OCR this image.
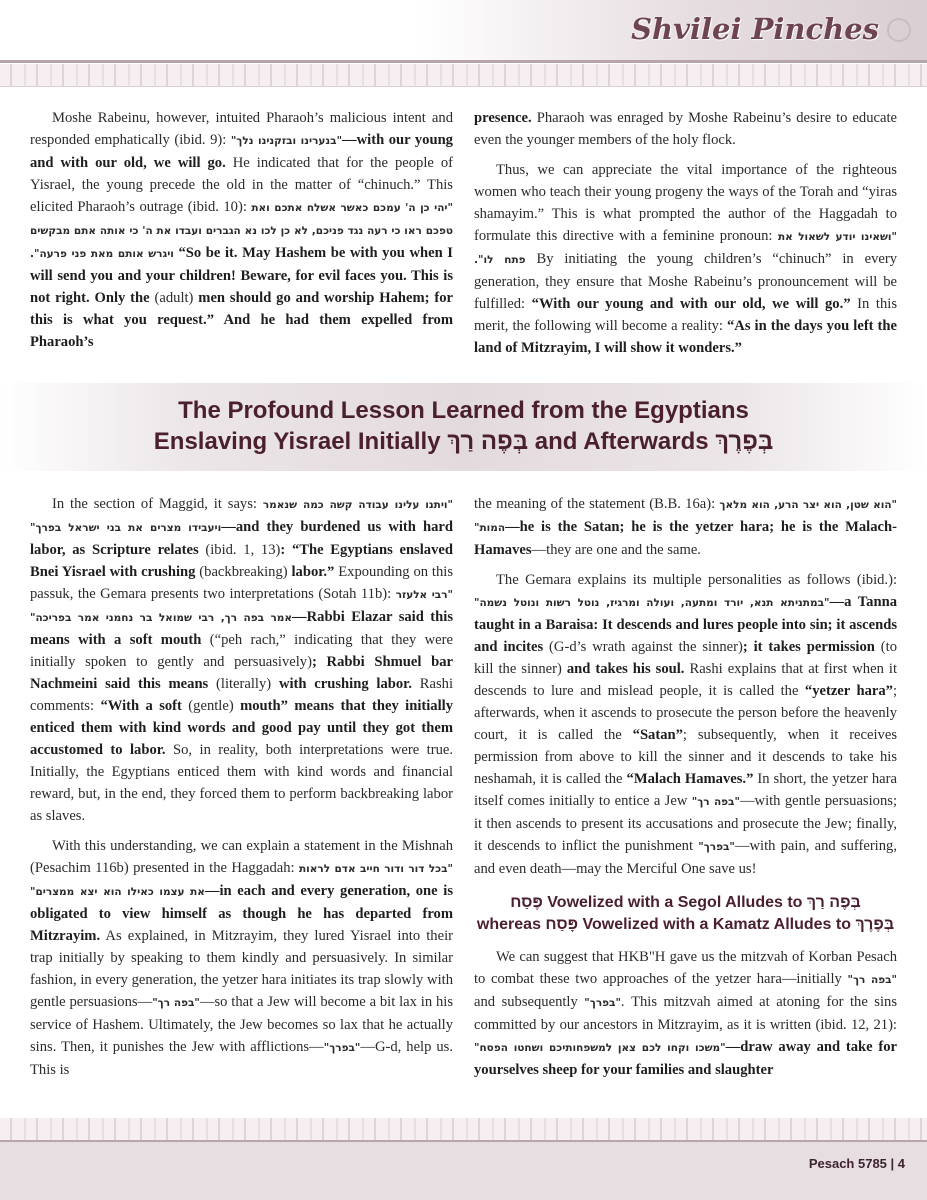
Shvilei Pinches

Moshe Rabeinu, however, intuited Pharaoh’s malicious intent and responded emphatically (ibid. 9): "בנערינו ובזקנינו נלך"—with our young and with our old, we will go. He indicated that for the people of Yisrael, the young precede the old in the matter of “chinuch.” This elicited Pharaoh’s outrage (ibid. 10): "יהי כן ה' עמכם כאשר אשלח אתכם ואת טפכם ראו כי רעה נגד פניכם, לא כן לכו נא הגברים ועבדו את ה' כי אותה אתם מבקשים ויגרש אותם מאת פני פרעה". “So be it. May Hashem be with you when I will send you and your children! Beware, for evil faces you. This is not right. Only the (adult) men should go and worship Hahem; for this is what you request.” And he had them expelled from Pharaoh’s

presence. Pharaoh was enraged by Moshe Rabeinu’s desire to educate even the younger members of the holy flock.

Thus, we can appreciate the vital importance of the righteous women who teach their young progeny the ways of the Torah and “yiras shamayim.” This is what prompted the author of the Haggadah to formulate this directive with a feminine pronoun: "ושאינו יודע לשאול את פתח לו". By initiating the young children’s “chinuch” in every generation, they ensure that Moshe Rabeinu’s pronouncement will be fulfilled: “With our young and with our old, we will go.” In this merit, the following will become a reality: “As in the days you left the land of Mitzrayim, I will show it wonders.”

The Profound Lesson Learned from the Egyptians
Enslaving Yisrael Initially בְּפֶה רַךְ and Afterwards בְּפֶרֶךְ

In the section of Maggid, it says: "ויתנו עלינו עבודה קשה כמה שנאמר ויעבידו מצרים את בני ישראל בפרך"—and they burdened us with hard labor, as Scripture relates (ibid. 1, 13): “The Egyptians enslaved Bnei Yisrael with crushing (backbreaking) labor.” Expounding on this passuk, the Gemara presents two interpretations (Sotah 11b): "רבי אלעזר אמר בפה רך, רבי שמואל בר נחמני אמר בפריכה"—Rabbi Elazar said this means with a soft mouth (“peh rach,” indicating that they were initially spoken to gently and persuasively); Rabbi Shmuel bar Nachmeini said this means (literally) with crushing labor. Rashi comments: “With a soft (gentle) mouth” means that they initially enticed them with kind words and good pay until they got them accustomed to labor. So, in reality, both interpretations were true. Initially, the Egyptians enticed them with kind words and financial reward, but, in the end, they forced them to perform backbreaking labor as slaves.

With this understanding, we can explain a statement in the Mishnah (Pesachim 116b) presented in the Haggadah: "בכל דור ודור חייב אדם לראות את עצמו כאילו הוא יצא ממצרים"—in each and every generation, one is obligated to view himself as though he has departed from Mitzrayim. As explained, in Mitzrayim, they lured Yisrael into their trap initially by speaking to them kindly and persuasively. In similar fashion, in every generation, the yetzer hara initiates its trap slowly with gentle persuasions—"בפה רך"—so that a Jew will become a bit lax in his service of Hashem. Ultimately, the Jew becomes so lax that he actually sins. Then, it punishes the Jew with afflictions—"בפרך"—G-d, help us. This is

the meaning of the statement (B.B. 16a): "הוא שטן, הוא יצר הרע, הוא מלאך המות"—he is the Satan; he is the yetzer hara; he is the Malach-Hamaves—they are one and the same.

The Gemara explains its multiple personalities as follows (ibid.): "במתניתא תנא, יורד ומתעה, ועולה ומרגיז, נוטל רשות ונוטל נשמה"—a Tanna taught in a Baraisa: It descends and lures people into sin; it ascends and incites (G-d’s wrath against the sinner); it takes permission (to kill the sinner) and takes his soul. Rashi explains that at first when it descends to lure and mislead people, it is called the “yetzer hara”; afterwards, when it ascends to prosecute the person before the heavenly court, it is called the “Satan”; subsequently, when it receives permission from above to kill the sinner and it descends to take his neshamah, it is called the “Malach Hamaves.” In short, the yetzer hara itself comes initially to entice a Jew "בפה רך"—with gentle persuasions; it then ascends to present its accusations and prosecute the Jew; finally, it descends to inflict the punishment "בפרך"—with pain, and suffering, and even death—may the Merciful One save us!

פֶּסַח Vowelized with a Segol Alludes to בְּפֶה רַךְ
whereas פָּסַח Vowelized with a Kamatz Alludes to בְּפֶרֶךְ

We can suggest that HKB"H gave us the mitzvah of Korban Pesach to combat these two approaches of the yetzer hara—initially "בפה רך" and subsequently "בפרך". This mitzvah aimed at atoning for the sins committed by our ancestors in Mitzrayim, as it is written (ibid. 12, 21): "משכו וקחו לכם צאן למשפחותיכם ושחטו הפסח"—draw away and take for yourselves sheep for your families and slaughter

Pesach 5785 | 4
